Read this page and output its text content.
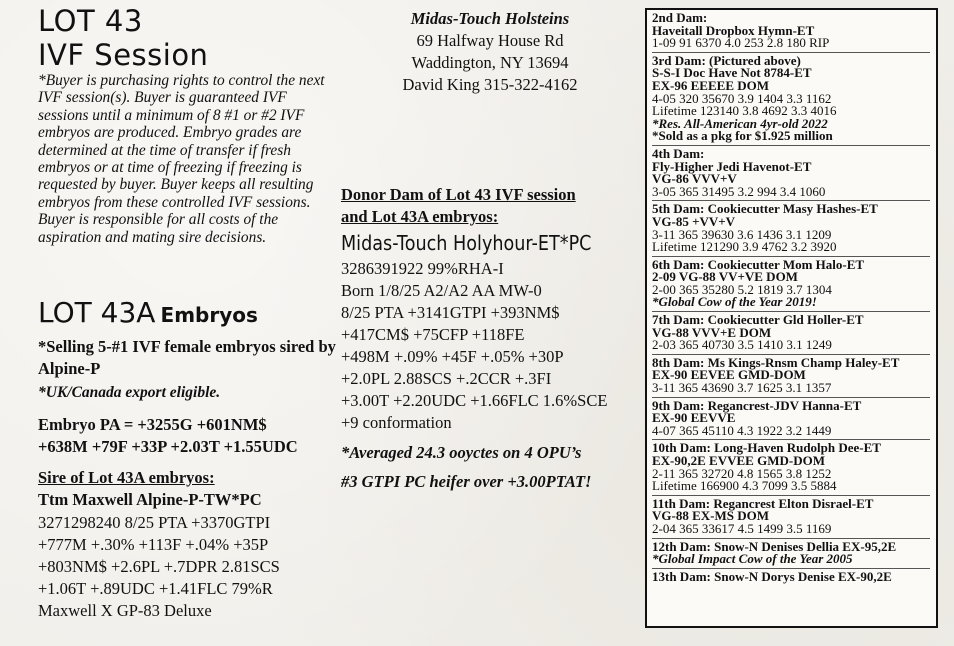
LOT 43
IVF Session
*Buyer is purchasing rights to control the next IVF session(s). Buyer is guaranteed IVF sessions until a minimum of 8 #1 or #2 IVF embryos are produced. Embryo grades are determined at the time of transfer if fresh embryos or at time of freezing if freezing is requested by buyer. Buyer keeps all resulting embryos from these controlled IVF sessions. Buyer is responsible for all costs of the aspiration and mating sire decisions.
LOT 43A Embryos
*Selling 5-#1 IVF female embryos sired by Alpine-P
*UK/Canada export eligible.
Embryo PA = +3255G +601NM$
+638M +79F +33P +2.03T +1.55UDC
Sire of Lot 43A embryos:
Ttm Maxwell Alpine-P-TW*PC
3271298240 8/25 PTA +3370GTPI
+777M +.30% +113F +.04% +35P
+803NM$ +2.6PL +.7DPR 2.81SCS
+1.06T +.89UDC +1.41FLC 79%R
Maxwell X GP-83 Deluxe
Midas-Touch Holsteins
69 Halfway House Rd
Waddington, NY 13694
David King 315-322-4162
Donor Dam of Lot 43 IVF session
and Lot 43A embryos:
Midas-Touch Holyhour-ET*PC
3286391922 99%RHA-I
Born 1/8/25 A2/A2 AA MW-0
8/25 PTA +3141GTPI +393NM$
+417CM$ +75CFP +118FE
+498M +.09% +45F +.05% +30P
+2.0PL 2.88SCS +.2CCR +.3FI
+3.00T +2.20UDC +1.66FLC 1.6%SCE
+9 conformation
*Averaged 24.3 ooyctes on 4 OPU’s
#3 GTPI PC heifer over +3.00PTAT!
2nd Dam:
Haveitall Dropbox Hymn-ET
1-09 91 6370 4.0 253 2.8 180 RIP
3rd Dam: (Pictured above)
S-S-I Doc Have Not 8784-ET
EX-96 EEEEE DOM
4-05 320 35670 3.9 1404 3.3 1162
Lifetime 123140 3.8 4692 3.3 4016
*Res. All-American 4yr-old 2022
*Sold as a pkg for $1.925 million
4th Dam:
Fly-Higher Jedi Havenot-ET
VG-86 VVV+V
3-05 365 31495 3.2 994 3.4 1060
5th Dam: Cookiecutter Masy Hashes-ET
VG-85 +VV+V
3-11 365 39630 3.6 1436 3.1 1209
Lifetime 121290 3.9 4762 3.2 3920
6th Dam: Cookiecutter Mom Halo-ET
2-09 VG-88 VV+VE DOM
2-00 365 35280 5.2 1819 3.7 1304
*Global Cow of the Year 2019!
7th Dam: Cookiecutter Gld Holler-ET
VG-88 VVV+E DOM
2-03 365 40730 3.5 1410 3.1 1249
8th Dam: Ms Kings-Rnsm Champ Haley-ET
EX-90 EEVEE GMD-DOM
3-11 365 43690 3.7 1625 3.1 1357
9th Dam: Regancrest-JDV Hanna-ET
EX-90 EEVVE
4-07 365 45110 4.3 1922 3.2 1449
10th Dam: Long-Haven Rudolph Dee-ET
EX-90,2E EVVEE GMD-DOM
2-11 365 32720 4.8 1565 3.8 1252
Lifetime 166900 4.3 7099 3.5 5884
11th Dam: Regancrest Elton Disrael-ET
VG-88 EX-MS DOM
2-04 365 33617 4.5 1499 3.5 1169
12th Dam: Snow-N Denises Dellia EX-95,2E
*Global Impact Cow of the Year 2005
13th Dam: Snow-N Dorys Denise EX-90,2E
